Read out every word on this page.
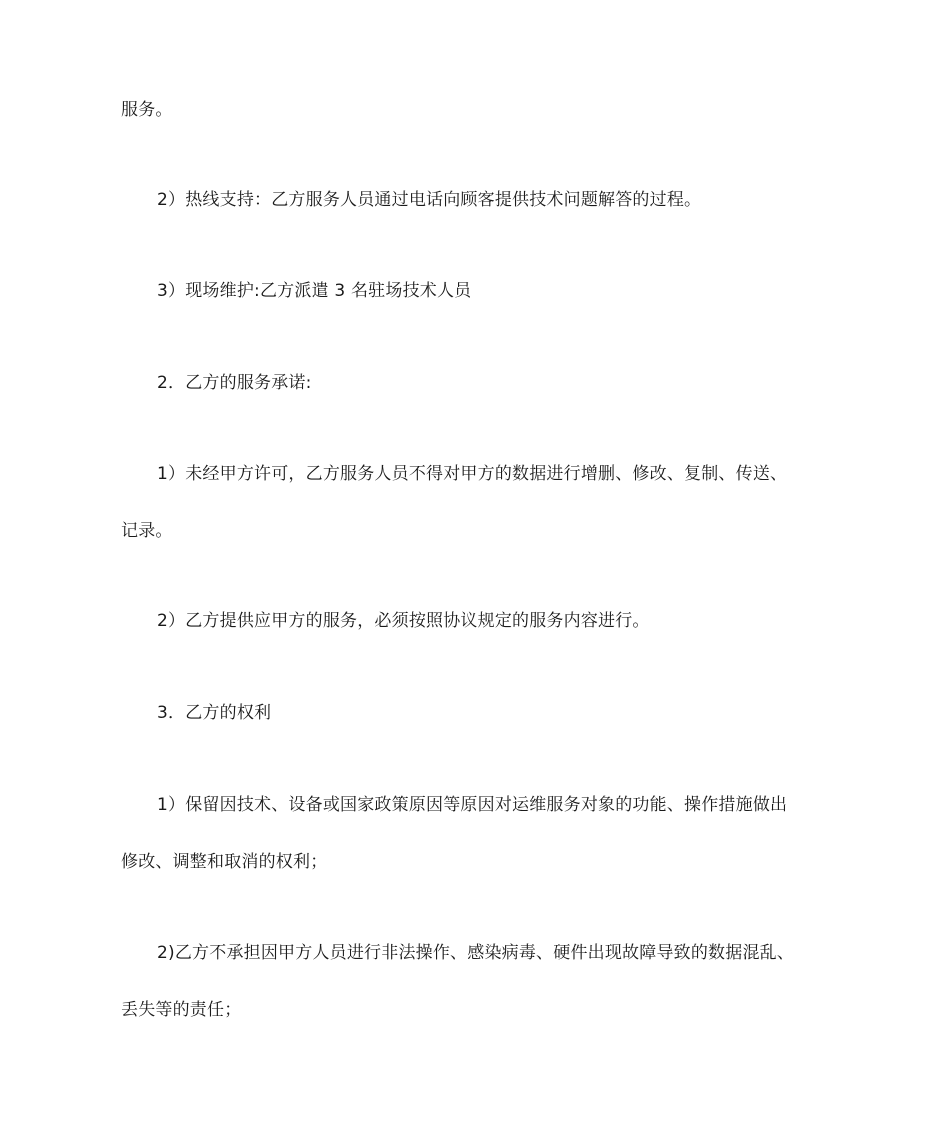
服务。
2）热线支持：乙方服务人员通过电话向顾客提供技术问题解答的过程。
3）现场维护:乙方派遣 3 名驻场技术人员
2．乙方的服务承诺:
1）未经甲方许可，乙方服务人员不得对甲方的数据进行增删、修改、复制、传送、
记录。
2）乙方提供应甲方的服务，必须按照协议规定的服务内容进行。
3．乙方的权利
1）保留因技术、设备或国家政策原因等原因对运维服务对象的功能、操作措施做出
修改、调整和取消的权利；
2)乙方不承担因甲方人员进行非法操作、感染病毒、硬件出现故障导致的数据混乱、
丢失等的责任；
